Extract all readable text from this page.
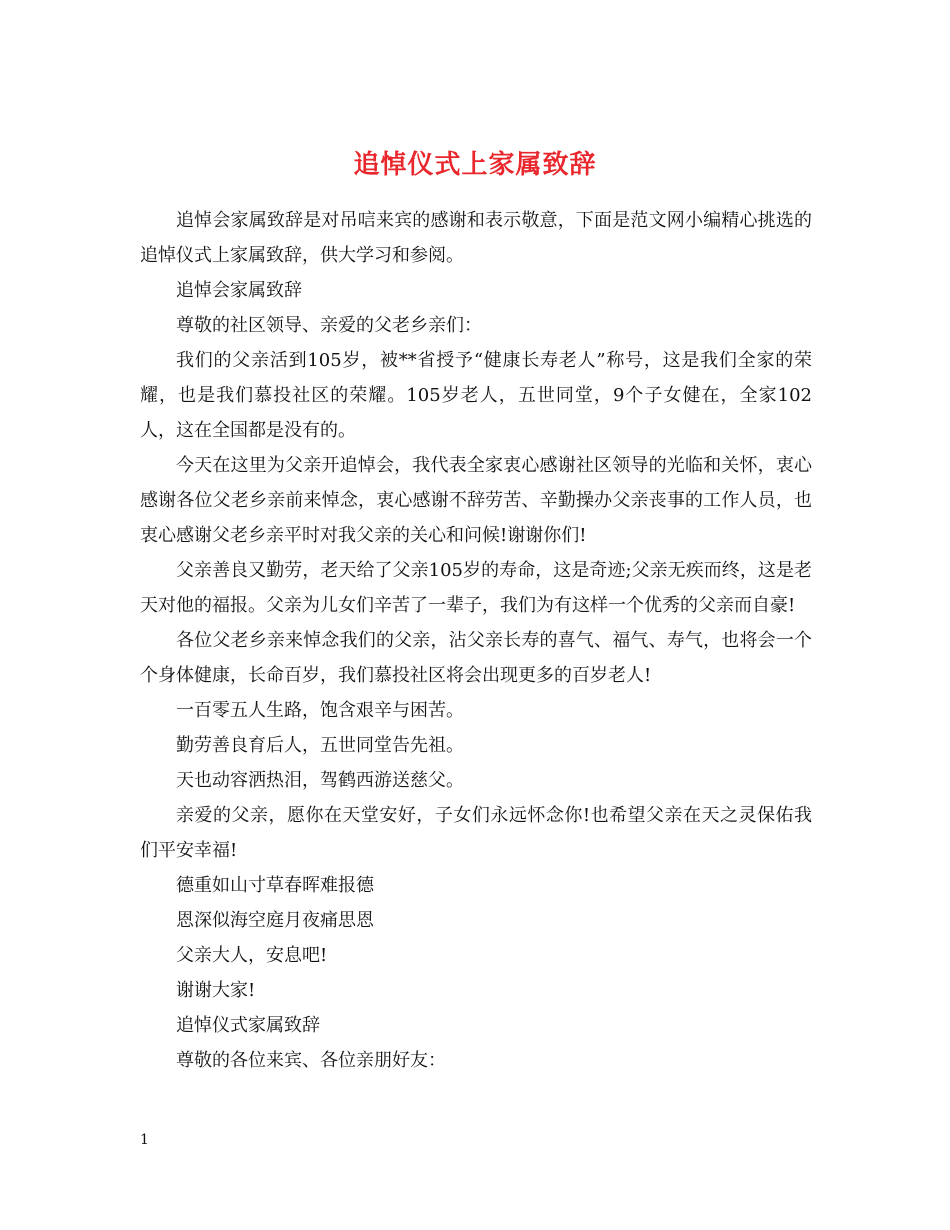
追悼仪式上家属致辞

追悼会家属致辞是对吊唁来宾的感谢和表示敬意，下面是范文网小编精心挑选的追悼仪式上家属致辞，供大学习和参阅。

追悼会家属致辞

尊敬的社区领导、亲爱的父老乡亲们：

我们的父亲活到105岁，被**省授予“健康长寿老人”称号，这是我们全家的荣耀，也是我们慕投社区的荣耀。105岁老人，五世同堂，9个子女健在，全家102人，这在全国都是没有的。

今天在这里为父亲开追悼会，我代表全家衷心感谢社区领导的光临和关怀，衷心感谢各位父老乡亲前来悼念，衷心感谢不辞劳苦、辛勤操办父亲丧事的工作人员，也衷心感谢父老乡亲平时对我父亲的关心和问候!谢谢你们!

父亲善良又勤劳，老天给了父亲105岁的寿命，这是奇迹;父亲无疾而终，这是老天对他的福报。父亲为儿女们辛苦了一辈子，我们为有这样一个优秀的父亲而自豪!

各位父老乡亲来悼念我们的父亲，沾父亲长寿的喜气、福气、寿气，也将会一个个身体健康，长命百岁，我们慕投社区将会出现更多的百岁老人!

一百零五人生路，饱含艰辛与困苦。

勤劳善良育后人，五世同堂告先祖。

天也动容洒热泪，驾鹤西游送慈父。

亲爱的父亲，愿你在天堂安好，子女们永远怀念你!也希望父亲在天之灵保佑我们平安幸福!

德重如山寸草春晖难报德

恩深似海空庭月夜痛思恩

父亲大人，安息吧!

谢谢大家!

追悼仪式家属致辞

尊敬的各位来宾、各位亲朋好友：

1
